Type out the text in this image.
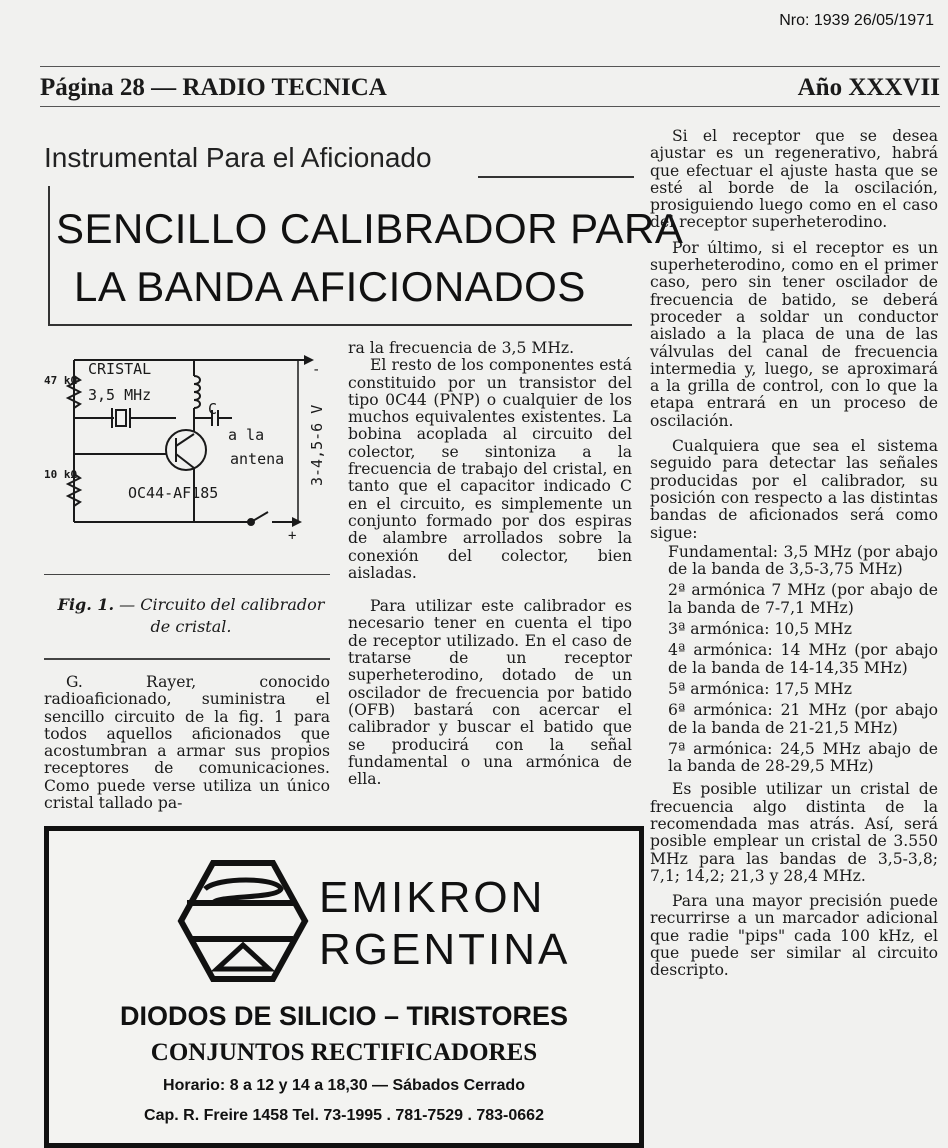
Nro: 1939 26/05/1971
Página 28 — RADIO TECNICA	Año XXXVII
Instrumental Para el Aficionado
SENCILLO CALIBRADOR PARA
LA BANDA AFICIONADOS
47 kΩ
10 kΩ
CRISTAL
3,5 MHz
C
a la
antena
OC44-AF185
3-4,5-6 V
-
+
Fig. 1. — Circuito del calibrador de cristal.

G. Rayer, conocido radioaficionado, suministra el sencillo circuito de la fig. 1 para todos aquellos aficionados que acostumbran a armar sus propios receptores de comunicaciones. Como puede verse utiliza un único cristal tallado pa-

ra la frecuencia de 3,5 MHz.

El resto de los componentes está constituido por un transistor del tipo 0C44 (PNP) o cualquier de los muchos equivalentes existentes. La bobina acoplada al circuito del colector, se sintoniza a la frecuencia de trabajo del cristal, en tanto que el capacitor indicado C en el circuito, es simplemente un conjunto formado por dos espiras de alambre arrollados sobre la conexión del colector, bien aisladas.

Para utilizar este calibrador es necesario tener en cuenta el tipo de receptor utilizado. En el caso de tratarse de un receptor superheterodino, dotado de un oscilador de frecuencia por batido (OFB) bastará con acercar el calibrador y buscar el batido que se producirá con la señal fundamental o una armónica de ella.

Si el receptor que se desea ajustar es un regenerativo, habrá que efectuar el ajuste hasta que se esté al borde de la oscilación, prosiguiendo luego como en el caso del receptor superheterodino.

Por último, si el receptor es un superheterodino, como en el primer caso, pero sin tener oscilador de frecuencia de batido, se deberá proceder a soldar un conductor aislado a la placa de una de las válvulas del canal de frecuencia intermedia y, luego, se aproximará a la grilla de control, con lo que la etapa entrará en un proceso de oscilación.

Cualquiera que sea el sistema seguido para detectar las señales producidas por el calibrador, su posición con respecto a las distintas bandas de aficionados será como sigue:

Fundamental: 3,5 MHz (por abajo de la banda de 3,5-3,75 MHz)

2ª armónica 7 MHz (por abajo de la banda de 7-7,1 MHz)

3ª armónica: 10,5 MHz

4ª armónica: 14 MHz (por abajo de la banda de 14-14,35 MHz)

5ª armónica: 17,5 MHz

6ª armónica: 21 MHz (por abajo de la banda de 21-21,5 MHz)

7ª armónica: 24,5 MHz abajo de la banda de 28-29,5 MHz)

Es posible utilizar un cristal de frecuencia algo distinta de la recomendada mas atrás. Así, será posible emplear un cristal de 3.550 MHz para las bandas de 3,5-3,8; 7,1; 14,2; 21,3 y 28,4 MHz.

Para una mayor precisión puede recurrirse a un marcador adicional que radie "pips" cada 100 kHz, el que puede ser similar al circuito descripto.

EMIKRON
RGENTINA
DIODOS DE SILICIO – TIRISTORES
CONJUNTOS RECTIFICADORES
Horario: 8 a 12 y 14 a 18,30 — Sábados Cerrado
Cap. R. Freire 1458 Tel. 73-1995 . 781-7529 . 783-0662
